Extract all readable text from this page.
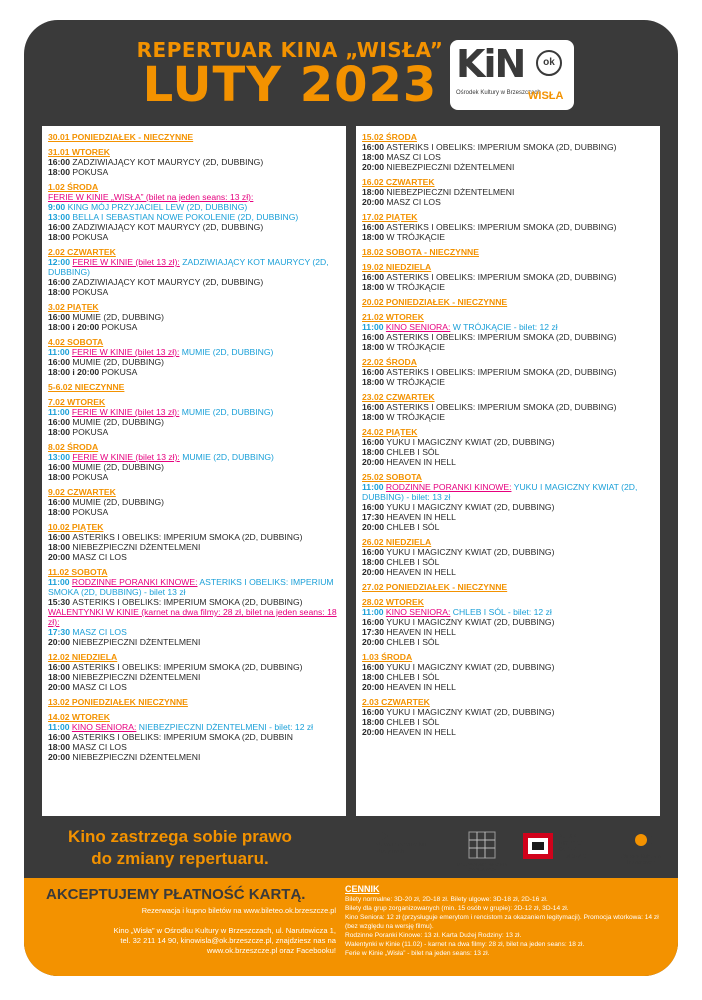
REPERTUAR KINA „WISŁA”
LUTY 2023 KiN	ok
Ośrodek Kultury w Brzeszczach
WISŁA
30.01 PONIEDZIAŁEK - NIECZYNNE
31.01 WTOREK
16:00 ZADZIWIAJĄCY KOT MAURYCY (2D, DUBBING)
18:00 POKUSA
1.02 ŚRODA
FERIE W KINIE „WISŁA” (bilet na jeden seans: 13 zł):
9:00 KING MÓJ PRZYJACIEL LEW (2D, DUBBING)
13:00 BELLA I SEBASTIAN NOWE POKOLENIE (2D, DUBBING)
16:00 ZADZIWIAJĄCY KOT MAURYCY (2D, DUBBING)
18:00 POKUSA
2.02 CZWARTEK
12:00 FERIE W KINIE (bilet 13 zł): ZADZIWIAJĄCY KOT MAURYCY (2D, DUBBING)
16:00 ZADZIWIAJĄCY KOT MAURYCY (2D, DUBBING)
18:00 POKUSA
3.02 PIĄTEK
16:00 MUMIE (2D, DUBBING)
18:00 i 20:00 POKUSA
4.02 SOBOTA
11:00 FERIE W KINIE (bilet 13 zł): MUMIE (2D, DUBBING)
16:00 MUMIE (2D, DUBBING)
18:00 i 20:00 POKUSA
5-6.02 NIECZYNNE
7.02 WTOREK
11:00 FERIE W KINIE (bilet 13 zł): MUMIE (2D, DUBBING)
16:00 MUMIE (2D, DUBBING)
18:00 POKUSA
8.02 ŚRODA
13:00 FERIE W KINIE (bilet 13 zł): MUMIE (2D, DUBBING)
16:00 MUMIE (2D, DUBBING)
18:00 POKUSA
9.02 CZWARTEK
16:00 MUMIE (2D, DUBBING)
18:00 POKUSA
10.02 PIĄTEK
16:00 ASTERIKS I OBELIKS: IMPERIUM SMOKA (2D, DUBBING)
18:00 NIEBEZPIECZNI DŻENTELMENI
20:00 MASZ CI LOS
11.02 SOBOTA
11:00 RODZINNE PORANKI KINOWE: ASTERIKS I OBELIKS: IMPERIUM SMOKA (2D, DUBBING) - bilet 13 zł
15:30 ASTERIKS I OBELIKS: IMPERIUM SMOKA (2D, DUBBING)
WALENTYNKI W KINIE (karnet na dwa filmy: 28 zł, bilet na jeden seans: 18 zł):
17:30 MASZ CI LOS
20:00 NIEBEZPIECZNI DŻENTELMENI
12.02 NIEDZIELA
16:00 ASTERIKS I OBELIKS: IMPERIUM SMOKA (2D, DUBBING)
18:00 NIEBEZPIECZNI DŻENTELMENI
20:00 MASZ CI LOS
13.02 PONIEDZIAŁEK NIECZYNNE
14.02 WTOREK
11:00 KINO SENIORA: NIEBEZPIECZNI DŻENTELMENI - bilet: 12 zł
16:00 ASTERIKS I OBELIKS: IMPERIUM SMOKA (2D, DUBBIN
18:00 MASZ CI LOS
20:00 NIEBEZPIECZNI DŻENTELMENI
15.02 ŚRODA
16:00 ASTERIKS I OBELIKS: IMPERIUM SMOKA (2D, DUBBING)
18:00 MASZ CI LOS
20:00 NIEBEZPIECZNI DŻENTELMENI
16.02 CZWARTEK
18:00 NIEBEZPIECZNI DŻENTELMENI
20:00 MASZ CI LOS
17.02 PIĄTEK
16:00 ASTERIKS I OBELIKS: IMPERIUM SMOKA (2D, DUBBING)
18:00 W TRÓJKĄCIE
18.02 SOBOTA - NIECZYNNE
19.02 NIEDZIELA
16:00 ASTERIKS I OBELIKS: IMPERIUM SMOKA (2D, DUBBING)
18:00 W TRÓJKĄCIE
20.02 PONIEDZIAŁEK - NIECZYNNE
21.02 WTOREK
11:00 KINO SENIORA: W TRÓJKĄCIE - bilet: 12 zł
16:00 ASTERIKS I OBELIKS: IMPERIUM SMOKA (2D, DUBBING)
18:00 W TRÓJKĄCIE
22.02 ŚRODA
16:00 ASTERIKS I OBELIKS: IMPERIUM SMOKA (2D, DUBBING)
18:00 W TRÓJKĄCIE
23.02 CZWARTEK
16:00 ASTERIKS I OBELIKS: IMPERIUM SMOKA (2D, DUBBING)
18:00 W TRÓJKĄCIE
24.02 PIĄTEK
16:00 YUKU I MAGICZNY KWIAT (2D, DUBBING)
18:00 CHLEB I SÓL
20:00 HEAVEN IN HELL
25.02 SOBOTA
11:00 RODZINNE PORANKI KINOWE: YUKU I MAGICZNY KWIAT (2D, DUBBING) - bilet: 13 zł
16:00 YUKU I MAGICZNY KWIAT (2D, DUBBING)
17:30 HEAVEN IN HELL
20:00 CHLEB I SÓL
26.02 NIEDZIELA
16:00 YUKU I MAGICZNY KWIAT (2D, DUBBING)
18:00 CHLEB I SÓL
20:00 HEAVEN IN HELL
27.02 PONIEDZIAŁEK - NIECZYNNE
28.02 WTOREK
11:00 KINO SENIORA: CHLEB I SÓL - bilet: 12 zł
16:00 YUKU I MAGICZNY KWIAT (2D, DUBBING)
17:30 HEAVEN IN HELL
20:00 CHLEB I SÓL
1.03 ŚRODA
16:00 YUKU I MAGICZNY KWIAT (2D, DUBBING)
18:00 CHLEB I SÓL
20:00 HEAVEN IN HELL
2.03 CZWARTEK
16:00 YUKU I MAGICZNY KWIAT (2D, DUBBING)
18:00 CHLEB I SÓL
20:00 HEAVEN IN HELL
Kino zastrzega sobie prawo
do zmiany repertuaru.
stowarzyszenie kin studyjnych
MAŁOPOLSKA SIEĆ KIN CYFROWYCH
POLSKI INSTYTUT SZTUKI FILMOWEJ	Ośrodek Kultury w Brzeszczach
AKCEPTUJEMY PŁATNOŚĆ KARTĄ.
Rezerwacja i kupno biletów na www.bileteo.ok.brzeszcze.pl
Kino „Wisła” w Ośrodku Kultury w Brzeszczach, ul. Narutowicza 1,
tel. 32 211 14 90, kinowisla@ok.brzeszcze.pl, znajdziesz nas na
www.ok.brzeszcze.pl oraz Facebooku!
CENNIK
Bilety normalne: 3D-20 zł, 2D-18 zł. Bilety ulgowe: 3D-18 zł, 2D-16 zł.
Bilety dla grup zorganizowanych (min. 15 osób w grupie): 2D-12 zł, 3D-14 zł.
Kino Seniora: 12 zł (przysługuje emerytom i rencistom za okazaniem legitymacji). Promocja wtorkowa: 14 zł (bez względu na wersję filmu).
Rodzinne Poranki Kinowe: 13 zł. Karta Dużej Rodziny: 13 zł.
Walentynki w Kinie (11.02) - karnet na dwa filmy: 28 zł, bilet na jeden seans: 18 zł.
Ferie w Kinie „Wisła” - bilet na jeden seans: 13 zł.
